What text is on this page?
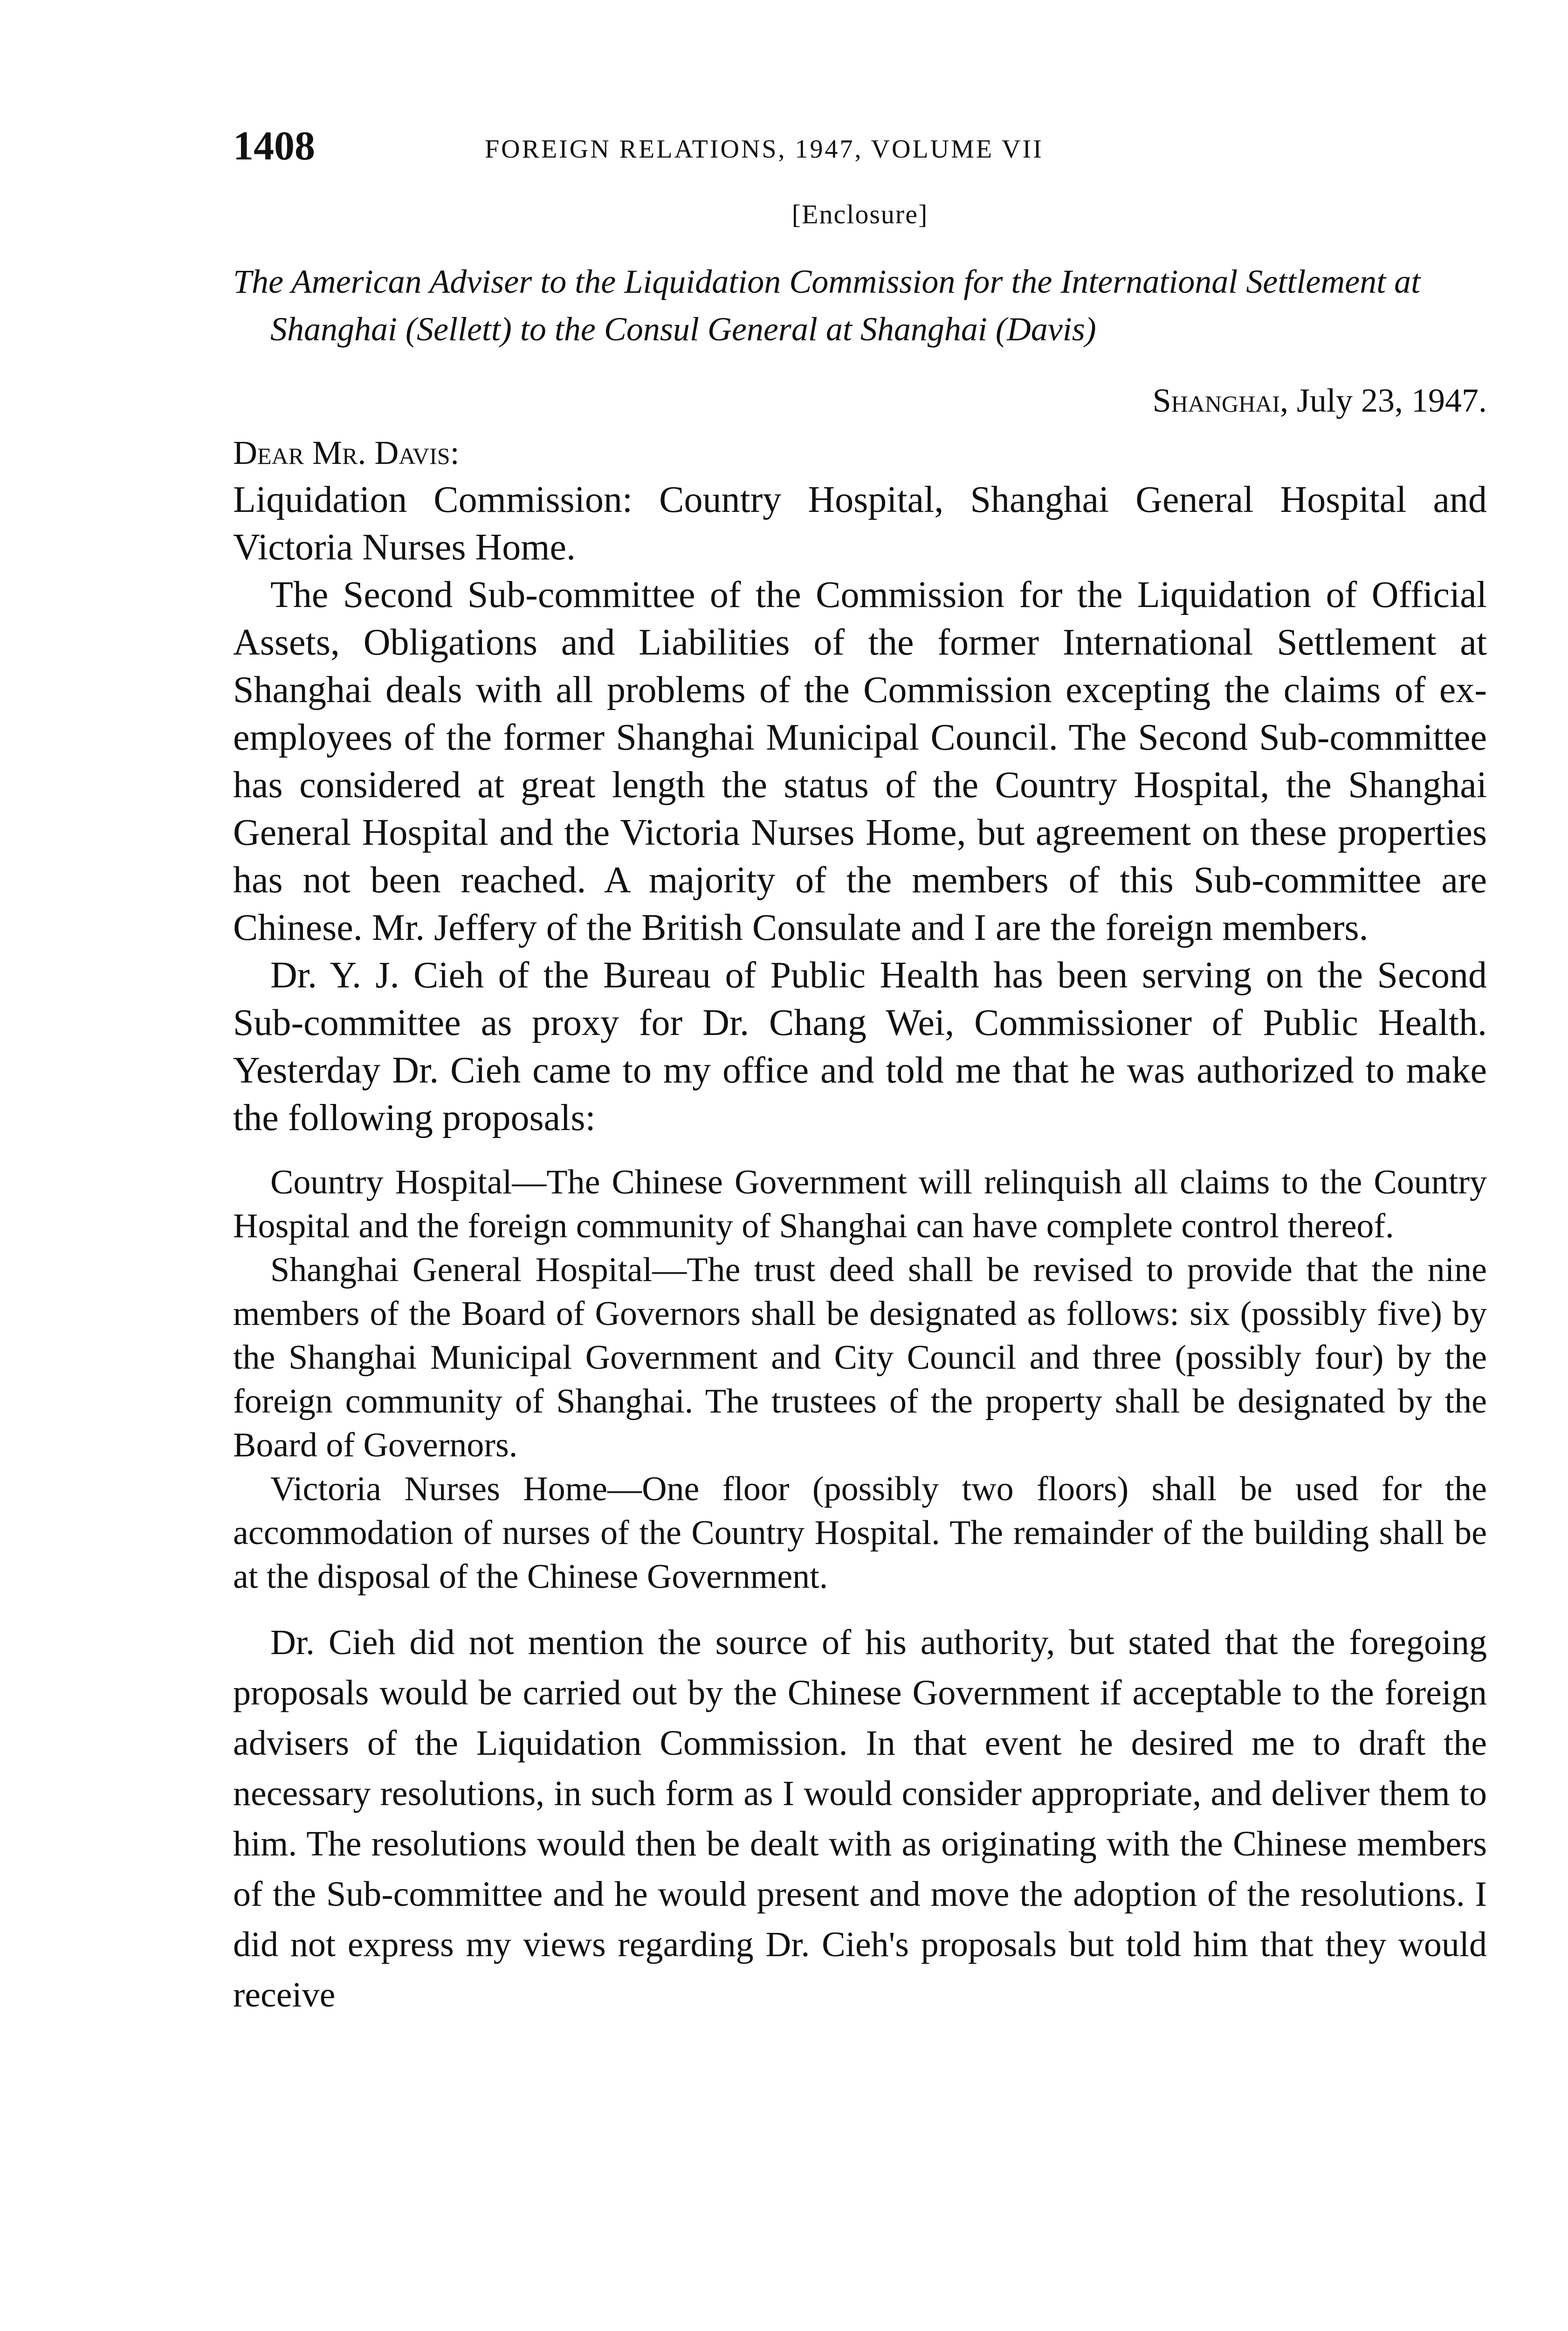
1408	FOREIGN RELATIONS, 1947, VOLUME VII
[Enclosure]

The American Adviser to the Liquidation Commission for the International Settlement at Shanghai (Sellett) to the Consul General at Shanghai (Davis)

Shanghai, July 23, 1947.
Dear Mr. Davis:

Liquidation Commission: Country Hospital, Shanghai General Hospital and Victoria Nurses Home.

The Second Sub-committee of the Commission for the Liquidation of Official Assets, Obligations and Liabilities of the former International Settlement at Shanghai deals with all problems of the Commission excepting the claims of ex-employees of the former Shanghai Municipal Council. The Second Sub-committee has considered at great length the status of the Country Hospital, the Shanghai General Hospital and the Victoria Nurses Home, but agreement on these properties has not been reached. A majority of the members of this Sub-committee are Chinese. Mr. Jeffery of the British Consulate and I are the foreign members.

Dr. Y. J. Cieh of the Bureau of Public Health has been serving on the Second Sub-committee as proxy for Dr. Chang Wei, Commissioner of Public Health. Yesterday Dr. Cieh came to my office and told me that he was authorized to make the following proposals:

Country Hospital—The Chinese Government will relinquish all claims to the Country Hospital and the foreign community of Shanghai can have complete control thereof.

Shanghai General Hospital—The trust deed shall be revised to provide that the nine members of the Board of Governors shall be designated as follows: six (possibly five) by the Shanghai Municipal Government and City Council and three (possibly four) by the foreign community of Shanghai. The trustees of the property shall be designated by the Board of Governors.

Victoria Nurses Home—One floor (possibly two floors) shall be used for the accommodation of nurses of the Country Hospital. The remainder of the building shall be at the disposal of the Chinese Government.

Dr. Cieh did not mention the source of his authority, but stated that the foregoing proposals would be carried out by the Chinese Government if acceptable to the foreign advisers of the Liquidation Commission. In that event he desired me to draft the necessary resolutions, in such form as I would consider appropriate, and deliver them to him. The resolutions would then be dealt with as originating with the Chinese members of the Sub-committee and he would present and move the adoption of the resolutions. I did not express my views regarding Dr. Cieh's proposals but told him that they would receive
